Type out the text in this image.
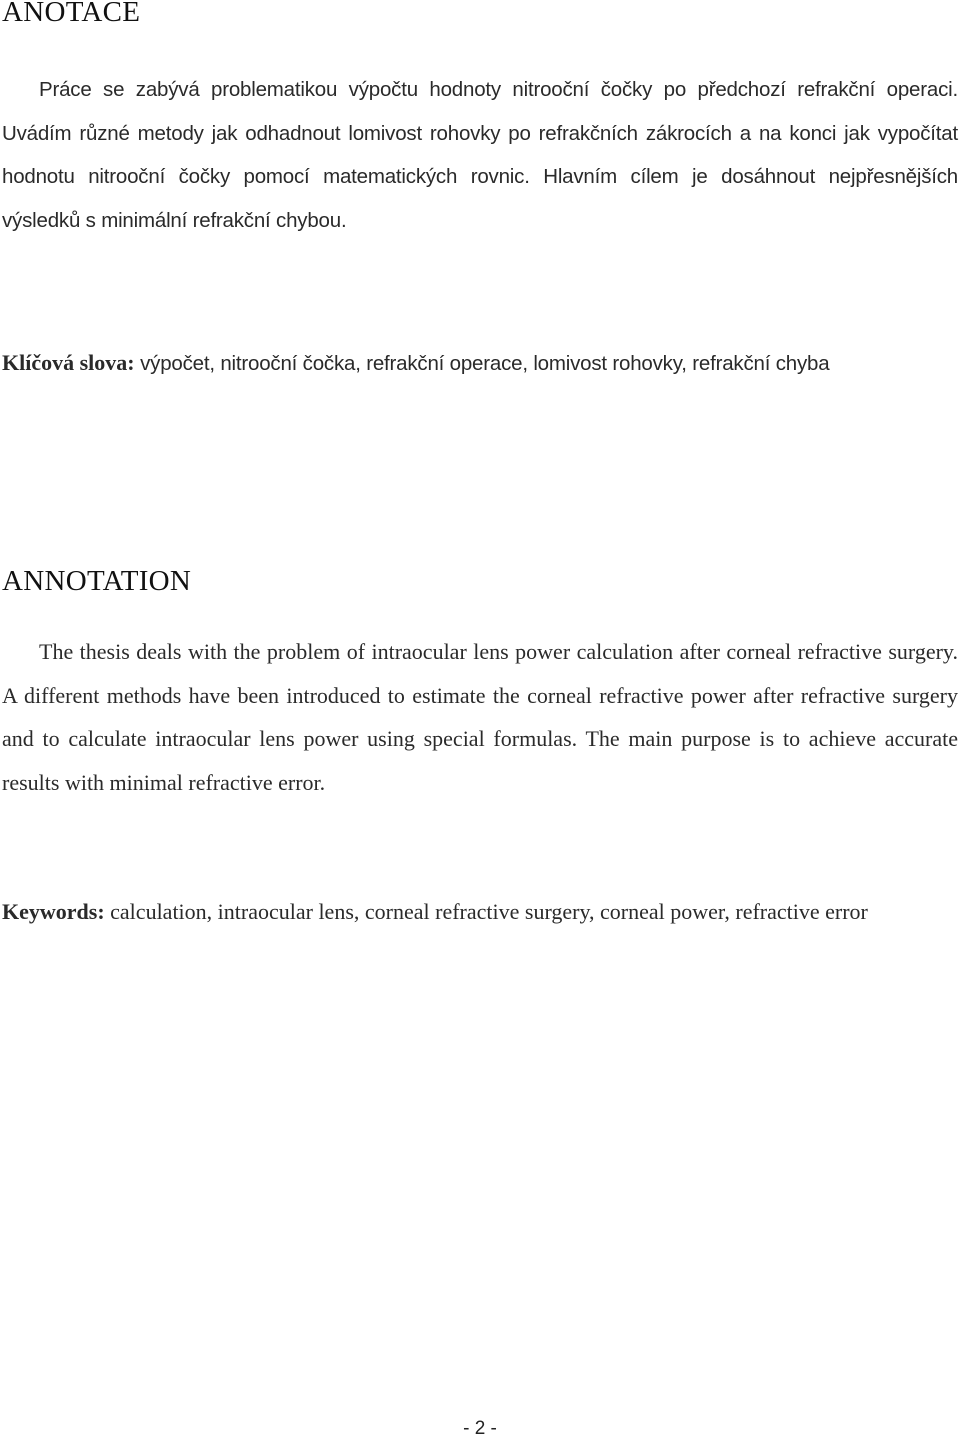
ANOTACE

Práce se zabývá problematikou výpočtu hodnoty nitrooční čočky po předchozí refrakční operaci. Uvádím různé metody jak odhadnout lomivost rohovky po refrakčních zákrocích a na konci jak vypočítat hodnotu nitrooční čočky pomocí matematických rovnic. Hlavním cílem je dosáhnout nejpřesnějších výsledků s minimální refrakční chybou.

Klíčová slova: výpočet, nitrooční čočka, refrakční operace, lomivost rohovky, refrakční chyba

ANNOTATION

The thesis deals with the problem of intraocular lens power calculation after corneal refractive surgery. A different methods have been introduced to estimate the corneal refractive power after refractive surgery and to calculate intraocular lens power using special formulas. The main purpose is to achieve accurate results with minimal refractive error.

Keywords: calculation, intraocular lens, corneal refractive surgery, corneal power, refractive error

- 2 -
